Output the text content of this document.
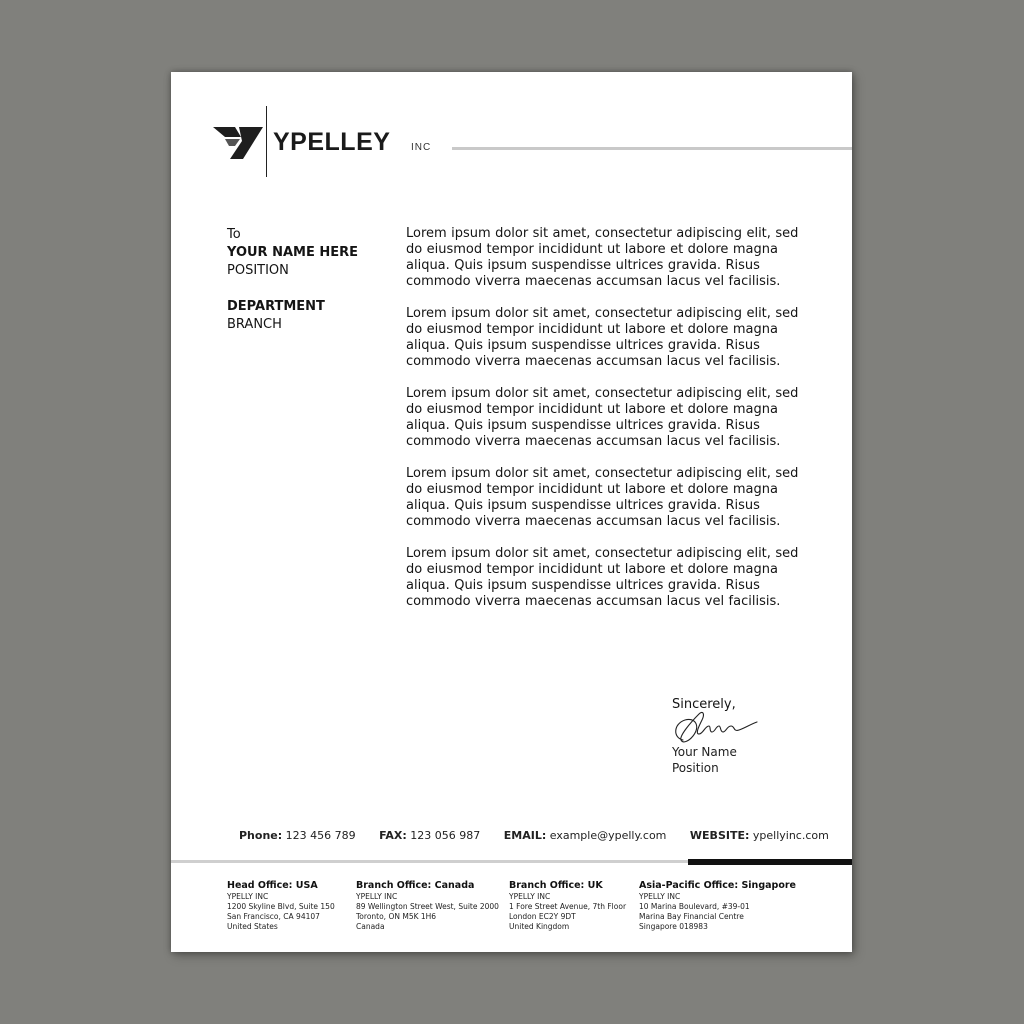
YPELLEY INC
To
YOUR NAME HERE
POSITION
DEPARTMENT
BRANCH

Lorem ipsum dolor sit amet, consectetur adipiscing elit, sed do eiusmod tempor incididunt ut labore et dolore magna aliqua. Quis ipsum suspendisse ultrices gravida. Risus commodo viverra maecenas accumsan lacus vel facilisis.

Lorem ipsum dolor sit amet, consectetur adipiscing elit, sed do eiusmod tempor incididunt ut labore et dolore magna aliqua. Quis ipsum suspendisse ultrices gravida. Risus commodo viverra maecenas accumsan lacus vel facilisis.

Lorem ipsum dolor sit amet, consectetur adipiscing elit, sed do eiusmod tempor incididunt ut labore et dolore magna aliqua. Quis ipsum suspendisse ultrices gravida. Risus commodo viverra maecenas accumsan lacus vel facilisis.

Lorem ipsum dolor sit amet, consectetur adipiscing elit, sed do eiusmod tempor incididunt ut labore et dolore magna aliqua. Quis ipsum suspendisse ultrices gravida. Risus commodo viverra maecenas accumsan lacus vel facilisis.

Lorem ipsum dolor sit amet, consectetur adipiscing elit, sed do eiusmod tempor incididunt ut labore et dolore magna aliqua. Quis ipsum suspendisse ultrices gravida. Risus commodo viverra maecenas accumsan lacus vel facilisis.

Sincerely,
Your Name
Position
Phone: 123 456 789 FAX: 123 056 987 EMAIL: example@ypelly.com WEBSITE: ypellyinc.com
Head Office: USA
YPELLY INC
1200 Skyline Blvd, Suite 150
San Francisco, CA 94107
United States
Branch Office: Canada
YPELLY INC
89 Wellington Street West, Suite 2000
Toronto, ON M5K 1H6
Canada
Branch Office: UK
YPELLY INC
1 Fore Street Avenue, 7th Floor
London EC2Y 9DT
United Kingdom
Asia-Pacific Office: Singapore
YPELLY INC
10 Marina Boulevard, #39-01
Marina Bay Financial Centre
Singapore 018983
